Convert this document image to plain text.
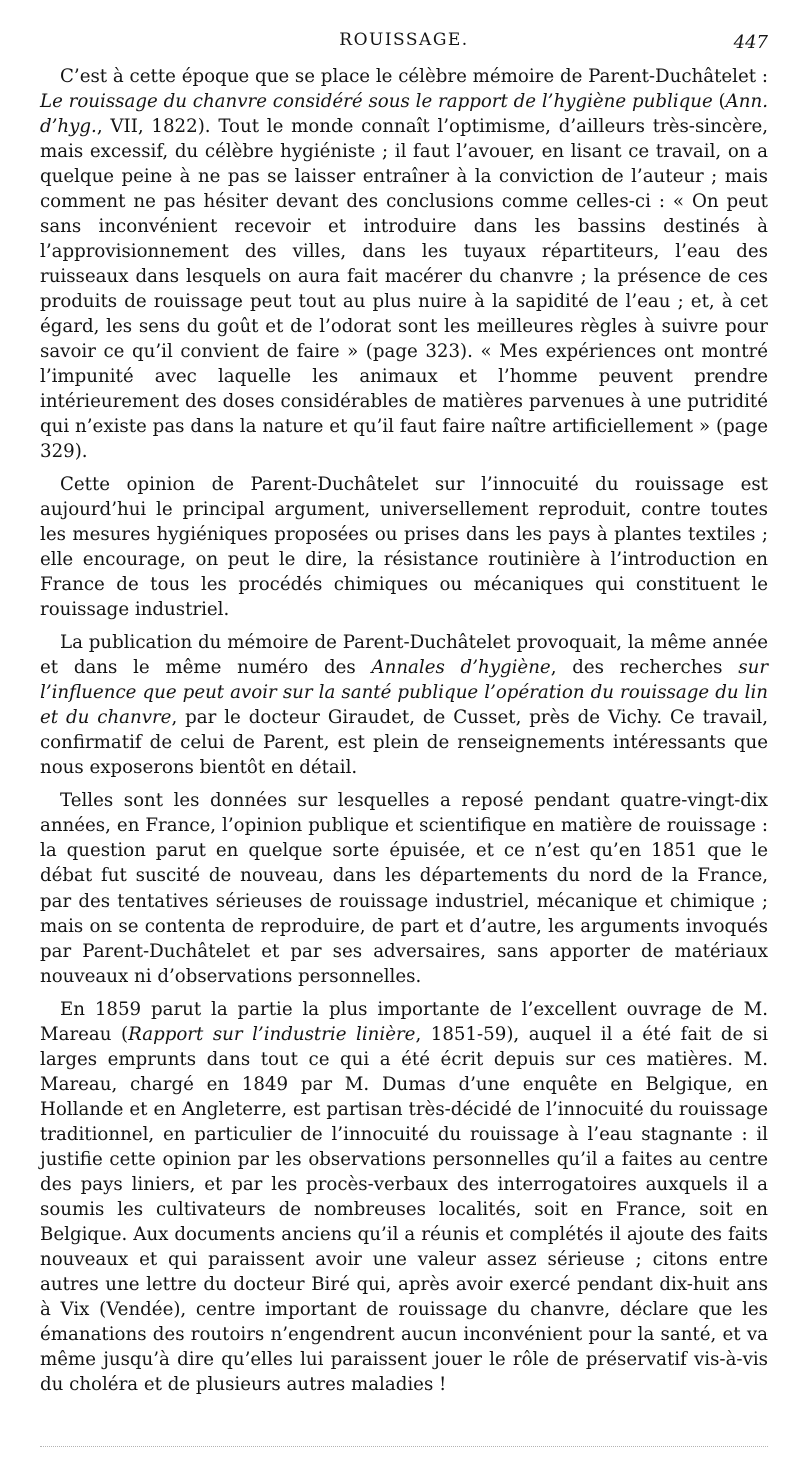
ROUISSAGE.	447

C’est à cette époque que se place le célèbre mémoire de Parent-Duchâtelet : Le rouissage du chanvre considéré sous le rapport de l’hygiène publique (Ann. d’hyg., VII, 1822). Tout le monde connaît l’optimisme, d’ailleurs très-sincère, mais excessif, du célèbre hygiéniste ; il faut l’avouer, en lisant ce travail, on a quelque peine à ne pas se laisser entraîner à la conviction de l’auteur ; mais comment ne pas hésiter devant des conclusions comme celles-ci : « On peut sans inconvénient recevoir et introduire dans les bassins destinés à l’approvisionnement des villes, dans les tuyaux répartiteurs, l’eau des ruisseaux dans lesquels on aura fait macérer du chanvre ; la présence de ces produits de rouissage peut tout au plus nuire à la sapidité de l’eau ; et, à cet égard, les sens du goût et de l’odorat sont les meilleures règles à suivre pour savoir ce qu’il convient de faire » (page 323). « Mes expériences ont montré l’impunité avec laquelle les animaux et l’homme peuvent prendre intérieurement des doses considérables de matières parvenues à une putridité qui n’existe pas dans la nature et qu’il faut faire naître artificiellement » (page 329).

Cette opinion de Parent-Duchâtelet sur l’innocuité du rouissage est aujourd’hui le principal argument, universellement reproduit, contre toutes les mesures hygiéniques proposées ou prises dans les pays à plantes textiles ; elle encourage, on peut le dire, la résistance routinière à l’introduction en France de tous les procédés chimiques ou mécaniques qui constituent le rouissage industriel.

La publication du mémoire de Parent-Duchâtelet provoquait, la même année et dans le même numéro des Annales d’hygiène, des recherches sur l’influence que peut avoir sur la santé publique l’opération du rouissage du lin et du chanvre, par le docteur Giraudet, de Cusset, près de Vichy. Ce travail, confirmatif de celui de Parent, est plein de renseignements intéressants que nous exposerons bientôt en détail.

Telles sont les données sur lesquelles a reposé pendant quatre-vingt-dix années, en France, l’opinion publique et scientifique en matière de rouissage : la question parut en quelque sorte épuisée, et ce n’est qu’en 1851 que le débat fut suscité de nouveau, dans les départements du nord de la France, par des tentatives sérieuses de rouissage industriel, mécanique et chimique ; mais on se contenta de reproduire, de part et d’autre, les arguments invoqués par Parent-Duchâtelet et par ses adversaires, sans apporter de matériaux nouveaux ni d’observations personnelles.

En 1859 parut la partie la plus importante de l’excellent ouvrage de M. Mareau (Rapport sur l’industrie linière, 1851-59), auquel il a été fait de si larges emprunts dans tout ce qui a été écrit depuis sur ces matières. M. Mareau, chargé en 1849 par M. Dumas d’une enquête en Belgique, en Hollande et en Angleterre, est partisan très-décidé de l’innocuité du rouissage traditionnel, en particulier de l’innocuité du rouissage à l’eau stagnante : il justifie cette opinion par les observations personnelles qu’il a faites au centre des pays liniers, et par les procès-verbaux des interrogatoires auxquels il a soumis les cultivateurs de nombreuses localités, soit en France, soit en Belgique. Aux documents anciens qu’il a réunis et complétés il ajoute des faits nouveaux et qui paraissent avoir une valeur assez sérieuse ; citons entre autres une lettre du docteur Biré qui, après avoir exercé pendant dix-huit ans à Vix (Vendée), centre important de rouissage du chanvre, déclare que les émanations des routoirs n’engendrent aucun inconvénient pour la santé, et va même jusqu’à dire qu’elles lui paraissent jouer le rôle de préservatif vis-à-vis du choléra et de plusieurs autres maladies !
